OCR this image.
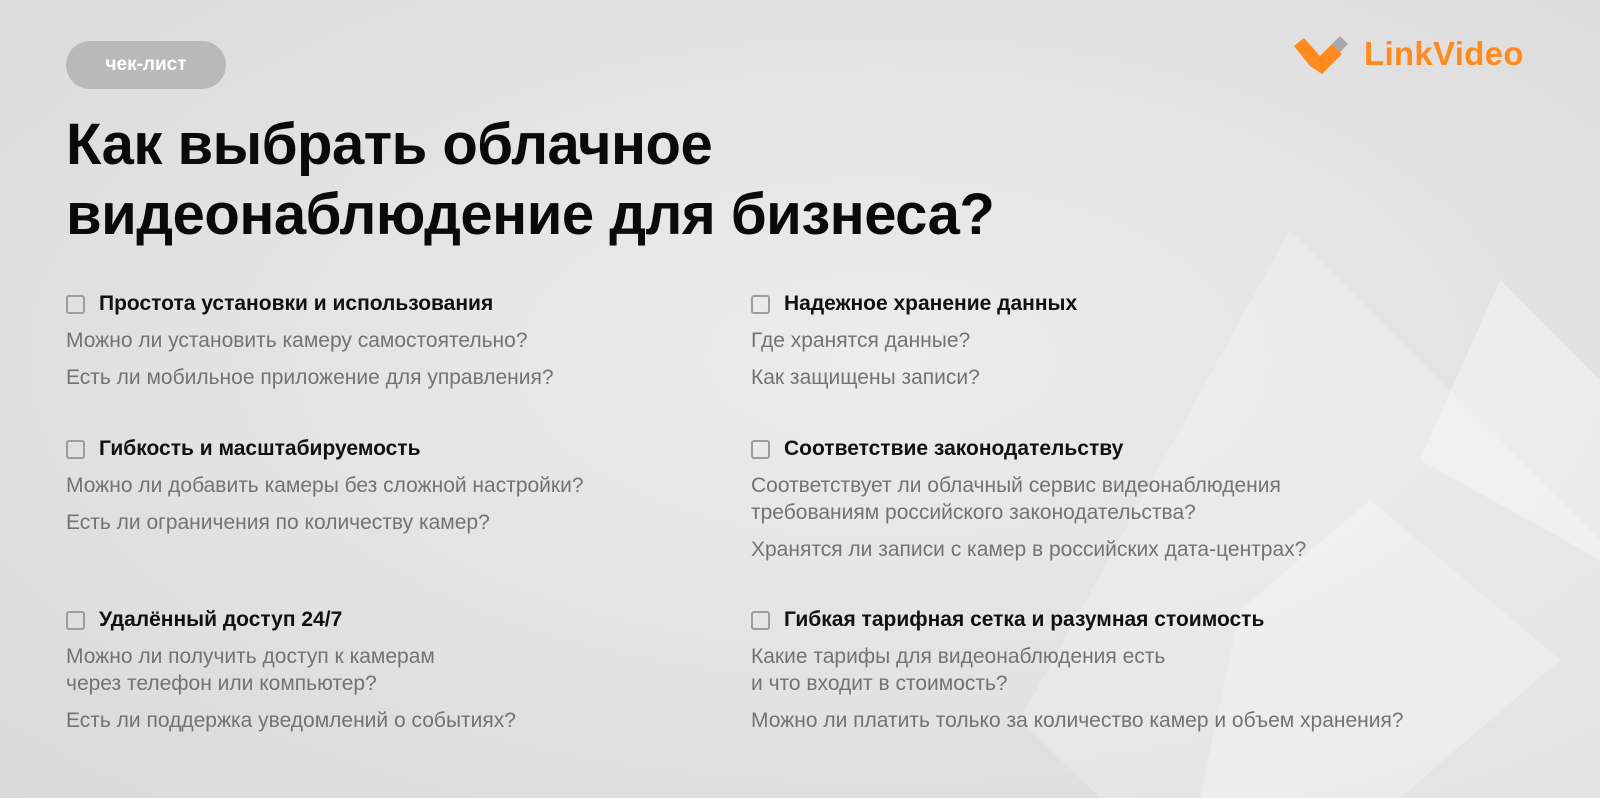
чек-лист	LinkVideo
Как выбрать облачное
видеонаблюдение для бизнеса?
Простота установки и использования
Можно ли установить камеру самостоятельно?
Есть ли мобильное приложение для управления?
Надежное хранение данных
Где хранятся данные?
Как защищены записи?
Гибкость и масштабируемость
Можно ли добавить камеры без сложной настройки?
Есть ли ограничения по количеству камер?
Соответствие законодательству
Соответствует ли облачный сервис видеонаблюдения
требованиям российского законодательства?
Хранятся ли записи с камер в российских дата-центрах?
Удалённый доступ 24/7
Можно ли получить доступ к камерам
через телефон или компьютер?
Есть ли поддержка уведомлений о событиях?
Гибкая тарифная сетка и разумная стоимость
Какие тарифы для видеонаблюдения есть
и что входит в стоимость?
Можно ли платить только за количество камер и объем хранения?
